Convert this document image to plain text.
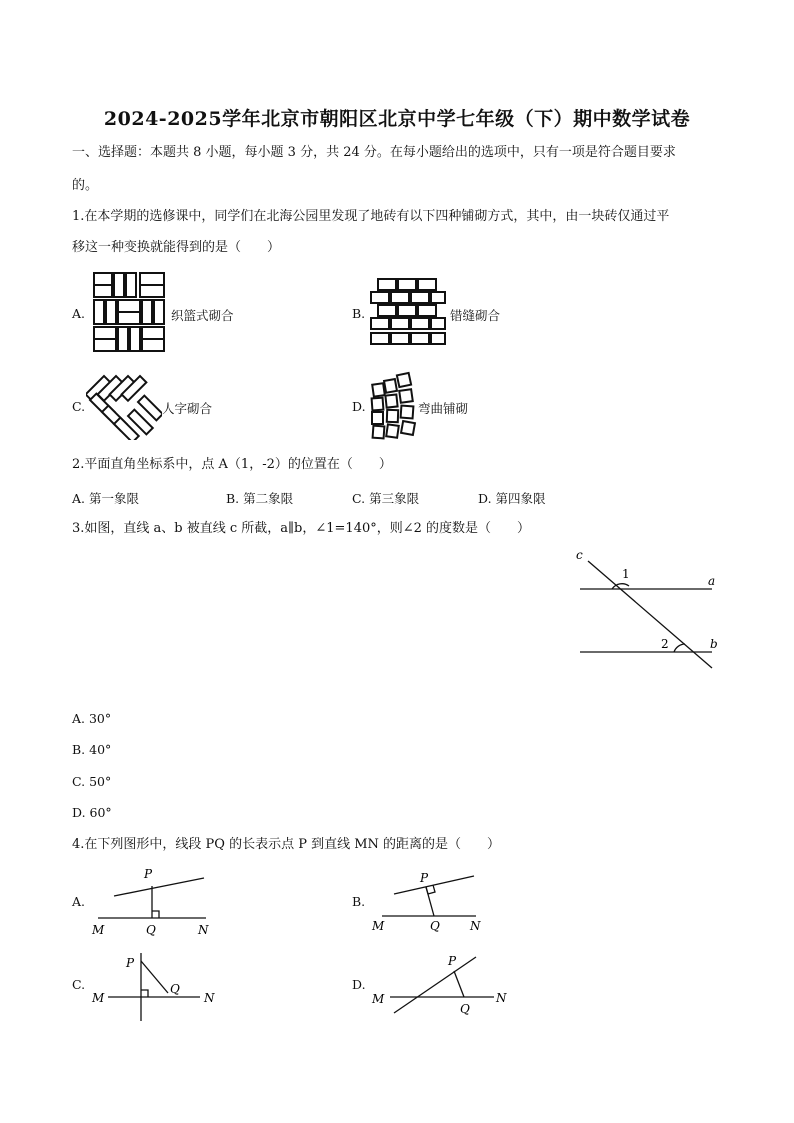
2024-2025学年北京市朝阳区北京中学七年级（下）期中数学试卷
一、选择题：本题共 8 小题，每小题 3 分，共 24 分。在每小题给出的选项中，只有一项是符合题目要求
的。
1.在本学期的选修课中，同学们在北海公园里发现了地砖有以下四种铺砌方式，其中，由一块砖仅通过平
移这一种变换就能得到的是（　　）
A.	织篮式砌合	B.	错缝砌合
C.	人字砌合	D.	弯曲铺砌
2.平面直角坐标系中，点 A（1，-2）的位置在（　　）
A. 第一象限	B. 第二象限	C. 第三象限	D. 第四象限
3.如图，直线 a、b 被直线 c 所截，a∥b，∠1=140°，则∠2 的度数是（　　）
c
a
b
1
2
A. 30°
B. 40°
C. 50°
D. 60°
4.在下列图形中，线段 PQ 的长表示点 P 到直线 MN 的距离的是（　　）
A.
P
M	Q	N
B.
P
M	Q	N
C.
P
M
Q
N
D.
P
M
Q
N
